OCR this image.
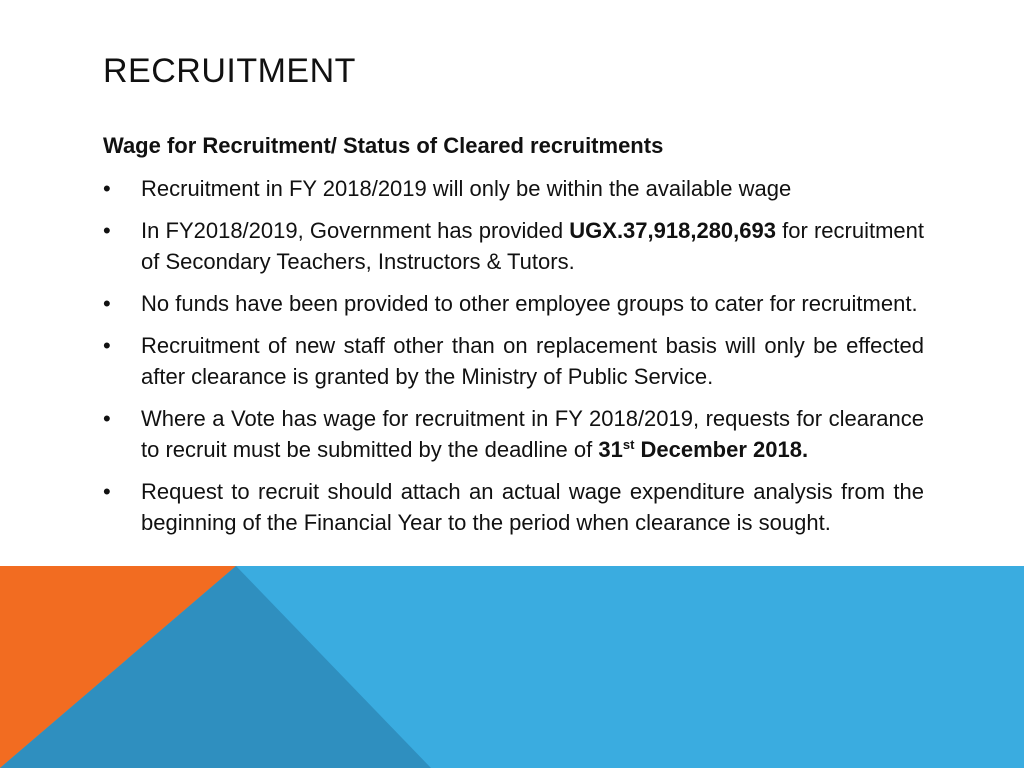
RECRUITMENT

Wage for Recruitment/ Status of Cleared recruitments

•	Recruitment in FY 2018/2019 will only be within the available wage
•	In FY2018/2019, Government has provided UGX.37,918,280,693 for recruitment of Secondary Teachers, Instructors & Tutors.
•	No funds have been provided to other employee groups to cater for recruitment.
•	Recruitment of new staff other than on replacement basis will only be effected after clearance is granted by the Ministry of Public Service.
•	Where a Vote has wage for recruitment in FY 2018/2019, requests for clearance to recruit must be submitted by the deadline of 31st December 2018.
•	Request to recruit should attach an actual wage expenditure analysis from the beginning of the Financial Year to the period when clearance is sought.
